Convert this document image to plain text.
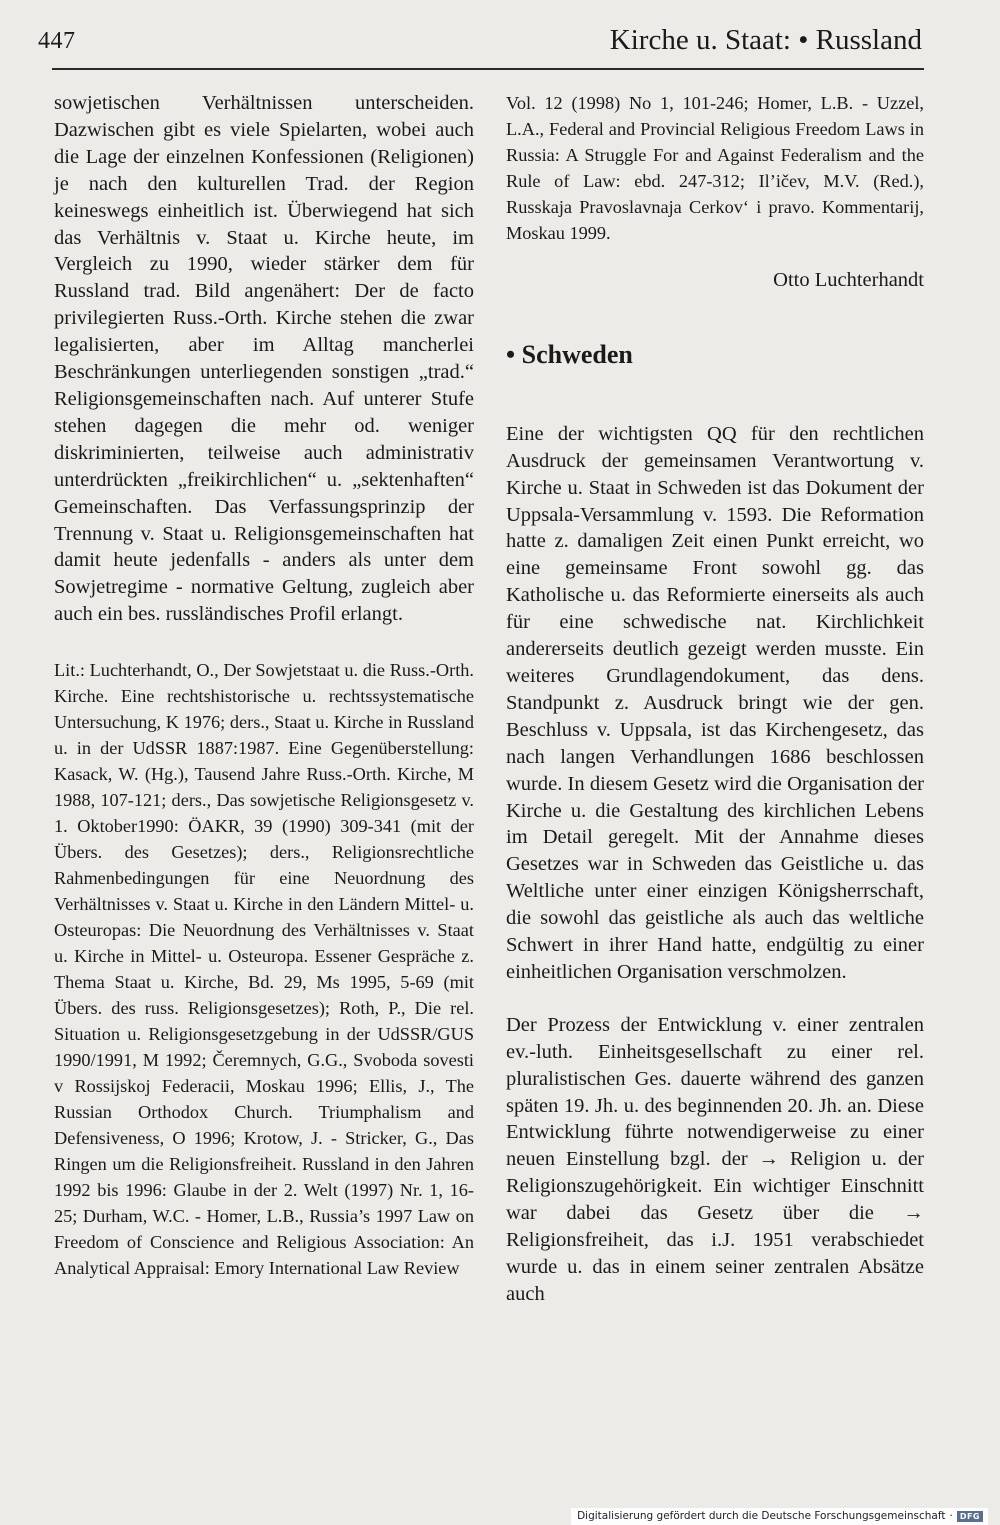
447	Kirche u. Staat: • Russland

sowjetischen Verhältnissen unterscheiden. Dazwischen gibt es viele Spielarten, wobei auch die Lage der einzelnen Konfessionen (Religionen) je nach den kulturellen Trad. der Region keineswegs einheitlich ist. Überwiegend hat sich das Verhältnis v. Staat u. Kirche heute, im Vergleich zu 1990, wieder stärker dem für Russland trad. Bild angenähert: Der de facto privilegierten Russ.-Orth. Kirche stehen die zwar legalisierten, aber im Alltag mancherlei Beschränkungen unterliegenden sonstigen „trad.“ Religionsgemeinschaften nach. Auf unterer Stufe stehen dagegen die mehr od. weniger diskriminierten, teilweise auch administrativ unterdrückten „freikirchlichen“ u. „sektenhaften“ Gemeinschaften. Das Verfassungsprinzip der Trennung v. Staat u. Religionsgemeinschaften hat damit heute jedenfalls - anders als unter dem Sowjetregime - normative Geltung, zugleich aber auch ein bes. russländisches Profil erlangt.

Lit.: Luchterhandt, O., Der Sowjetstaat u. die Russ.-Orth. Kirche. Eine rechtshistorische u. rechtssystematische Untersuchung, K 1976; ders., Staat u. Kirche in Russland u. in der UdSSR 1887:1987. Eine Gegenüberstellung: Kasack, W. (Hg.), Tausend Jahre Russ.-Orth. Kirche, M 1988, 107-121; ders., Das sowjetische Religionsgesetz v. 1. Oktober1990: ÖAKR, 39 (1990) 309-341 (mit der Übers. des Gesetzes); ders., Religionsrechtliche Rahmenbedingungen für eine Neuordnung des Verhältnisses v. Staat u. Kirche in den Ländern Mittel- u. Osteuropas: Die Neuordnung des Verhältnisses v. Staat u. Kirche in Mittel- u. Osteuropa. Essener Gespräche z. Thema Staat u. Kirche, Bd. 29, Ms 1995, 5-69 (mit Übers. des russ. Religionsgesetzes); Roth, P., Die rel. Situation u. Religionsgesetzgebung in der UdSSR/GUS 1990/1991, M 1992; Čeremnych, G.G., Svoboda sovesti v Rossijskoj Federacii, Moskau 1996; Ellis, J., The Russian Orthodox Church. Triumphalism and Defensiveness, O 1996; Krotow, J. - Stricker, G., Das Ringen um die Religionsfreiheit. Russland in den Jahren 1992 bis 1996: Glaube in der 2. Welt (1997) Nr. 1, 16-25; Durham, W.C. - Homer, L.B., Russia’s 1997 Law on Freedom of Conscience and Religious Association: An Analytical Appraisal: Emory International Law Review

Vol. 12 (1998) No 1, 101-246; Homer, L.B. - Uzzel, L.A., Federal and Provincial Religious Freedom Laws in Russia: A Struggle For and Against Federalism and the Rule of Law: ebd. 247-312; Il’ičev, M.V. (Red.), Russkaja Pravoslavnaja Cerkov‘ i pravo. Kommentarij, Moskau 1999.

Otto Luchterhandt

• Schweden

Eine der wichtigsten QQ für den rechtlichen Ausdruck der gemeinsamen Verantwortung v. Kirche u. Staat in Schweden ist das Dokument der Uppsala-Versammlung v. 1593. Die Reformation hatte z. damaligen Zeit einen Punkt erreicht, wo eine gemeinsame Front sowohl gg. das Katholische u. das Reformierte einerseits als auch für eine schwedische nat. Kirchlichkeit andererseits deutlich gezeigt werden musste. Ein weiteres Grundlagendokument, das dens. Standpunkt z. Ausdruck bringt wie der gen. Beschluss v. Uppsala, ist das Kirchengesetz, das nach langen Verhandlungen 1686 beschlossen wurde. In diesem Gesetz wird die Organisation der Kirche u. die Gestaltung des kirchlichen Lebens im Detail geregelt. Mit der Annahme dieses Gesetzes war in Schweden das Geistliche u. das Weltliche unter einer einzigen Königsherrschaft, die sowohl das geistliche als auch das weltliche Schwert in ihrer Hand hatte, endgültig zu einer einheitlichen Organisation verschmolzen.

Der Prozess der Entwicklung v. einer zentralen ev.-luth. Einheitsgesellschaft zu einer rel. pluralistischen Ges. dauerte während des ganzen späten 19. Jh. u. des beginnenden 20. Jh. an. Diese Entwicklung führte notwendigerweise zu einer neuen Einstellung bzgl. der → Religion u. der Religionszugehörigkeit. Ein wichtiger Einschnitt war dabei das Gesetz über die → Religionsfreiheit, das i.J. 1951 verabschiedet wurde u. das in einem seiner zentralen Absätze auch

Digitalisierung gefördert durch die Deutsche Forschungsgemeinschaft · DFG
